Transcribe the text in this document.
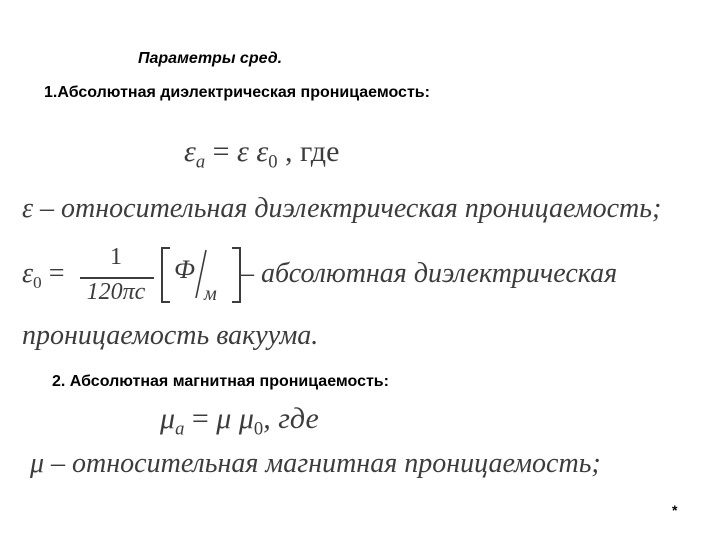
Параметры сред.
1.Абсолютная диэлектрическая проницаемость:
$\varepsilon_a = \varepsilon$ $\varepsilon_0$ , где
ε – относительная диэлектрическая проницаемость;
$\varepsilon_0$ =
1
120πc
Ф
м
– абсолютная диэлектрическая
проницаемость вакуума.
2. Абсолютная магнитная проницаемость:
$\mu_a = \mu$ $\mu_0$, где
μ – относительная магнитная проницаемость;
*
